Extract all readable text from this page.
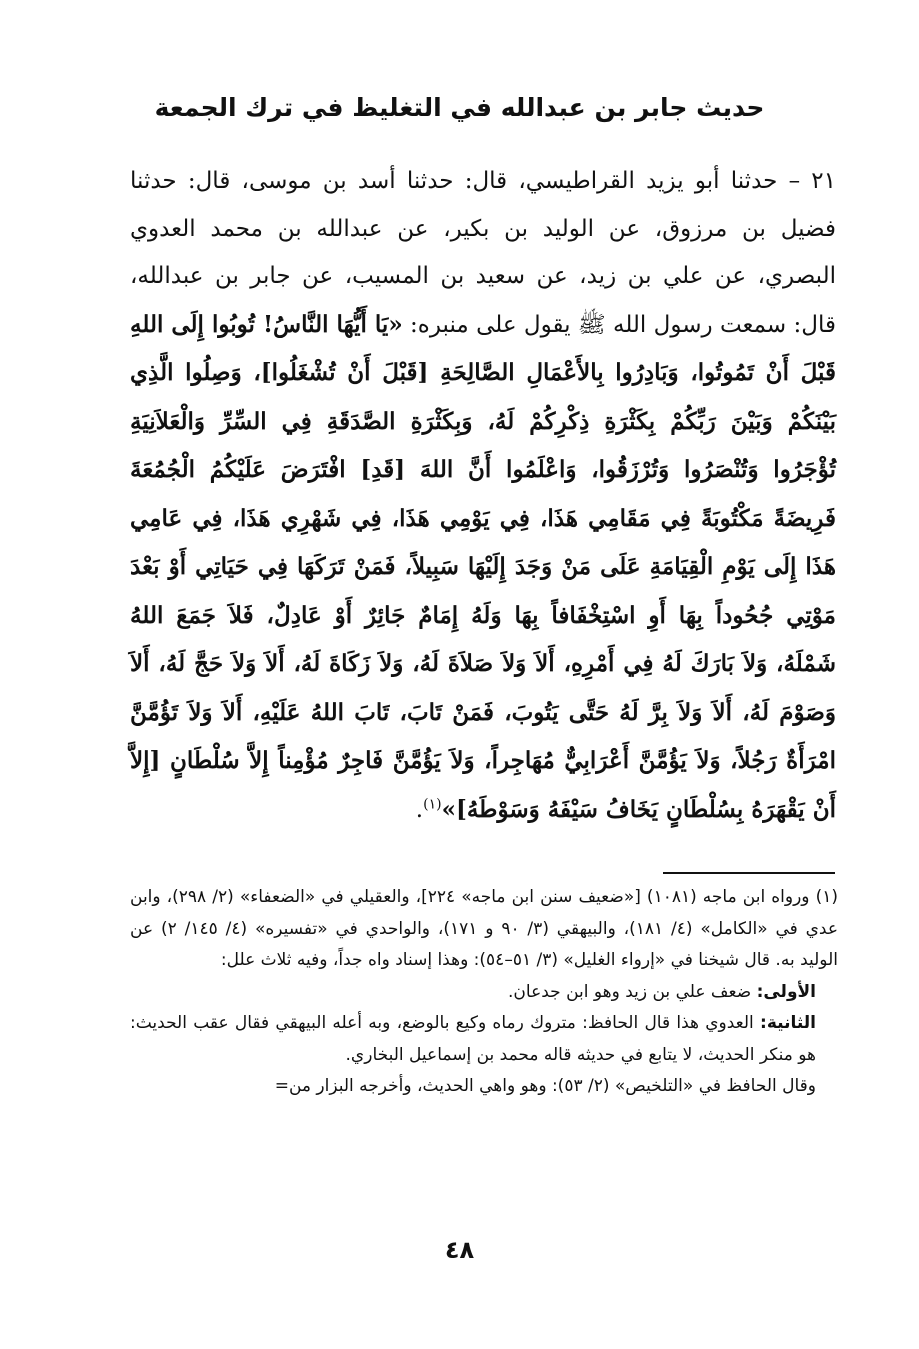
حديث جابر بن عبدالله في التغليظ في ترك الجمعة

٢١ – حدثنا أبو يزيد القراطيسي، قال: حدثنا أسد بن موسى، قال: حدثنا فضيل بن مرزوق، عن الوليد بن بكير، عن عبدالله بن محمد العدوي البصري، عن علي بن زيد، عن سعيد بن المسيب، عن جابر بن عبدالله، قال: سمعت رسول الله ﷺ يقول على منبره: «يَا أَيُّهَا النَّاسُ! تُوبُوا إِلَى اللهِ قَبْلَ أَنْ تَمُوتُوا، وَبَادِرُوا بِالأَعْمَالِ الصَّالِحَةِ [قَبْلَ أَنْ تُشْغَلُوا]، وَصِلُوا الَّذِي بَيْنَكُمْ وَبَيْنَ رَبِّكُمْ بِكَثْرَةِ ذِكْرِكُمْ لَهُ، وَبِكَثْرَةِ الصَّدَقَةِ فِي السِّرِّ وَالْعَلاَنِيَةِ تُؤْجَرُوا وَتُنْصَرُوا وَتُرْزَقُوا، وَاعْلَمُوا أَنَّ اللهَ [قَدِ] افْتَرَضَ عَلَيْكُمُ الْجُمُعَةَ فَرِيضَةً مَكْتُوبَةً فِي مَقَامِي هَذَا، فِي يَوْمِي هَذَا، فِي شَهْرِي هَذَا، فِي عَامِي هَذَا إِلَى يَوْمِ الْقِيَامَةِ عَلَى مَنْ وَجَدَ إِلَيْهَا سَبِيلاً، فَمَنْ تَرَكَهَا فِي حَيَاتِي أَوْ بَعْدَ مَوْتِي جُحُوداً بِهَا أَوِ اسْتِخْفَافاً بِهَا وَلَهُ إِمَامٌ جَائِرٌ أَوْ عَادِلٌ، فَلاَ جَمَعَ اللهُ شَمْلَهُ، وَلاَ بَارَكَ لَهُ فِي أَمْرِهِ، أَلاَ وَلاَ صَلاَةَ لَهُ، وَلاَ زَكَاةَ لَهُ، أَلاَ وَلاَ حَجَّ لَهُ، أَلاَ وَصَوْمَ لَهُ، أَلاَ وَلاَ بِرَّ لَهُ حَتَّى يَتُوبَ، فَمَنْ تَابَ، تَابَ اللهُ عَلَيْهِ، أَلاَ وَلاَ تَؤُمَّنَّ امْرَأَةٌ رَجُلاً، وَلاَ يَؤُمَّنَّ أَعْرَابِيٌّ مُهَاجِراً، وَلاَ يَؤُمَّنَّ فَاجِرٌ مُؤْمِناً إِلاَّ سُلْطَانٍ [إِلاَّ أَنْ يَقْهَرَهُ بِسُلْطَانٍ يَخَافُ سَيْفَهُ وَسَوْطَهُ]»$^{(١)}$.

(١) ورواه ابن ماجه (١٠٨١) [«ضعيف سنن ابن ماجه» ٢٢٤]، والعقيلي في «الضعفاء» (٢/ ٢٩٨)، وابن عدي في «الكامل» (٤/ ١٨١)، والبيهقي (٣/ ٩٠ و ١٧١)، والواحدي في «تفسيره» (٤/ ١٤٥/ ٢) عن الوليد به. قال شيخنا في «إرواء الغليل» (٣/ ٥١–٥٤): وهذا إسناد واه جداً، وفيه ثلاث علل:

الأولى: ضعف علي بن زيد وهو ابن جدعان.

الثانية: العدوي هذا قال الحافظ: متروك رماه وكيع بالوضع، وبه أعله البيهقي فقال عقب الحديث: هو منكر الحديث، لا يتابع في حديثه قاله محمد بن إسماعيل البخاري.

وقال الحافظ في «التلخيص» (٢/ ٥٣): وهو واهي الحديث، وأخرجه البزار من=

٤٨
